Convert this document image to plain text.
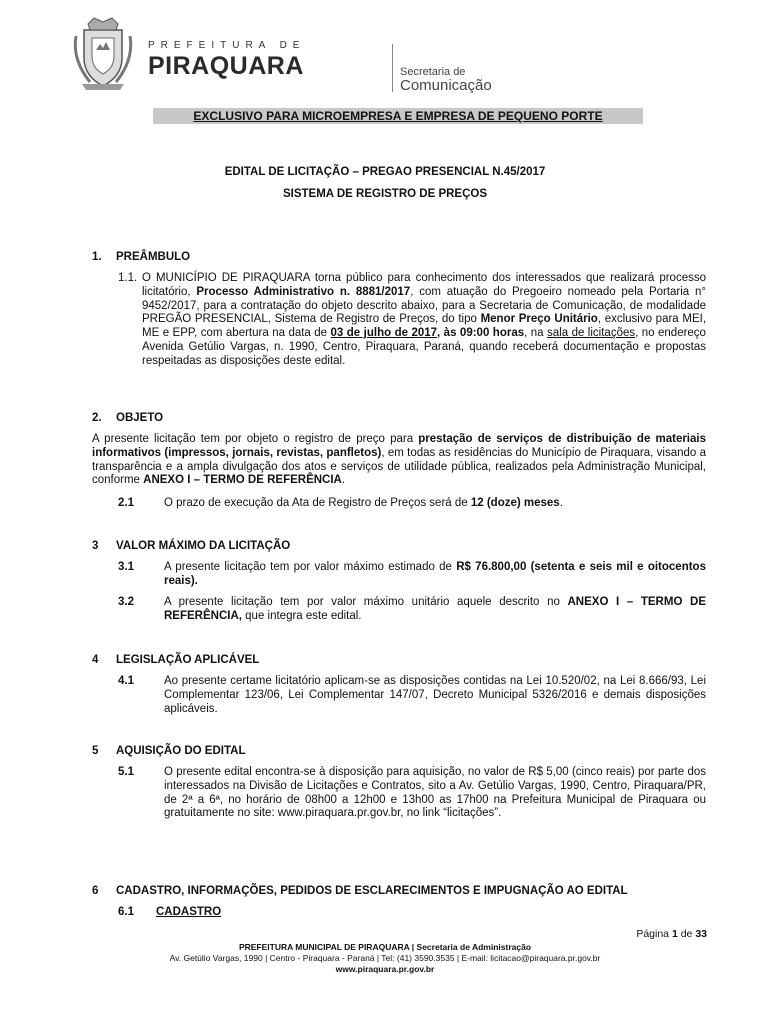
PREFEITURA DE
PIRAQUARA	Secretaria de
Comunicação
EXCLUSIVO PARA MICROEMPRESA E EMPRESA DE PEQUENO PORTE
EDITAL DE LICITAÇÃO – PREGAO PRESENCIAL N.45/2017
SISTEMA DE REGISTRO DE PREÇOS
1. PREÂMBULO
1.1. O MUNICÍPIO DE PIRAQUARA torna público para conhecimento dos interessados que realizará processo licitatório, Processo Administrativo n. 8881/2017, com atuação do Pregoeiro nomeado pela Portaria n° 9452/2017, para a contratação do objeto descrito abaixo, para a Secretaria de Comunicação, de modalidade PREGÃO PRESENCIAL, Sistema de Registro de Preços, do tipo Menor Preço Unitário, exclusivo para MEI, ME e EPP, com abertura na data de 03 de julho de 2017, às 09:00 horas, na sala de licitações, no endereço Avenida Getúlio Vargas, n. 1990, Centro, Piraquara, Paraná, quando receberá documentação e propostas respeitadas as disposições deste edital.
2. OBJETO
A presente licitação tem por objeto o registro de preço para prestação de serviços de distribuição de materiais informativos (impressos, jornais, revistas, panfletos), em todas as residências do Município de Piraquara, visando a transparência e a ampla divulgação dos atos e serviços de utilidade pública, realizados pela Administração Municipal, conforme ANEXO I – TERMO DE REFERÊNCIA.
2.1	O prazo de execução da Ata de Registro de Preços será de 12 (doze) meses.
3 VALOR MÁXIMO DA LICITAÇÃO
3.1	A presente licitação tem por valor máximo estimado de R$ 76.800,00 (setenta e seis mil e oitocentos reais).
3.2	A presente licitação tem por valor máximo unitário aquele descrito no ANEXO I – TERMO DE REFERÊNCIA, que integra este edital.
4 LEGISLAÇÃO APLICÁVEL
4.1	Ao presente certame licitatório aplicam-se as disposições contidas na Lei 10.520/02, na Lei 8.666/93, Lei Complementar 123/06, Lei Complementar 147/07, Decreto Municipal 5326/2016 e demais disposições aplicáveis.
5 AQUISIÇÃO DO EDITAL
5.1	O presente edital encontra-se à disposição para aquisição, no valor de R$ 5,00 (cinco reais) por parte dos interessados na Divisão de Licitações e Contratos, sito a Av. Getúlio Vargas, 1990, Centro, Piraquara/PR, de 2ª a 6ª, no horário de 08h00 a 12h00 e 13h00 as 17h00 na Prefeitura Municipal de Piraquara ou gratuitamente no site: www.piraquara.pr.gov.br, no link “licitações”.
6 CADASTRO, INFORMAÇÕES, PEDIDOS DE ESCLARECIMENTOS E IMPUGNAÇÃO AO EDITAL
6.1 CADASTRO
Página 1 de 33
PREFEITURA MUNICIPAL DE PIRAQUARA | Secretaria de Administração
Av. Getúlio Vargas, 1990 | Centro - Piraquara - Paraná | Tel: (41) 3590.3535 | E-mail: licitacao@piraquara.pr.gov.br
www.piraquara.pr.gov.br
